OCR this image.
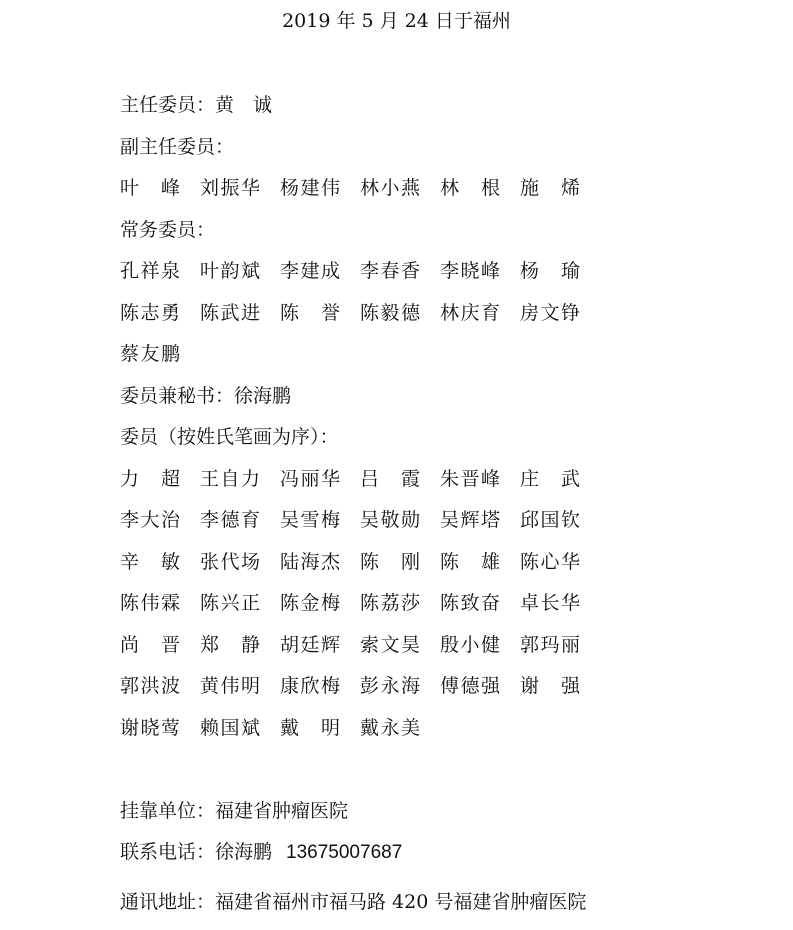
2019 年 5 月 24 日于福州
主任委员：黄　诚
副主任委员：
叶　峰	刘振华	杨建伟	林小燕	林　根	施　烯
常务委员：
孔祥泉	叶韵斌	李建成	李春香	李晓峰	杨　瑜
陈志勇	陈武进	陈　誉	陈毅德	林庆育	房文铮
蔡友鹏
委员兼秘书：徐海鹏
委员（按姓氏笔画为序）：
力　超	王自力	冯丽华	吕　霞	朱晋峰	庄　武
李大治	李德育	吴雪梅	吴敬勋	吴辉塔	邱国钦
辛　敏	张代场	陆海杰	陈　刚	陈　雄	陈心华
陈伟霖	陈兴正	陈金梅	陈荔莎	陈致奋	卓长华
尚　晋	郑　静	胡廷辉	索文昊	殷小健	郭玛丽
郭洪波	黄伟明	康欣梅	彭永海	傅德强	谢　强
谢晓莺	赖国斌	戴　明	戴永美
挂靠单位：福建省肿瘤医院
联系电话：徐海鹏 13675007687
通讯地址：福建省福州市福马路 420 号福建省肿瘤医院
